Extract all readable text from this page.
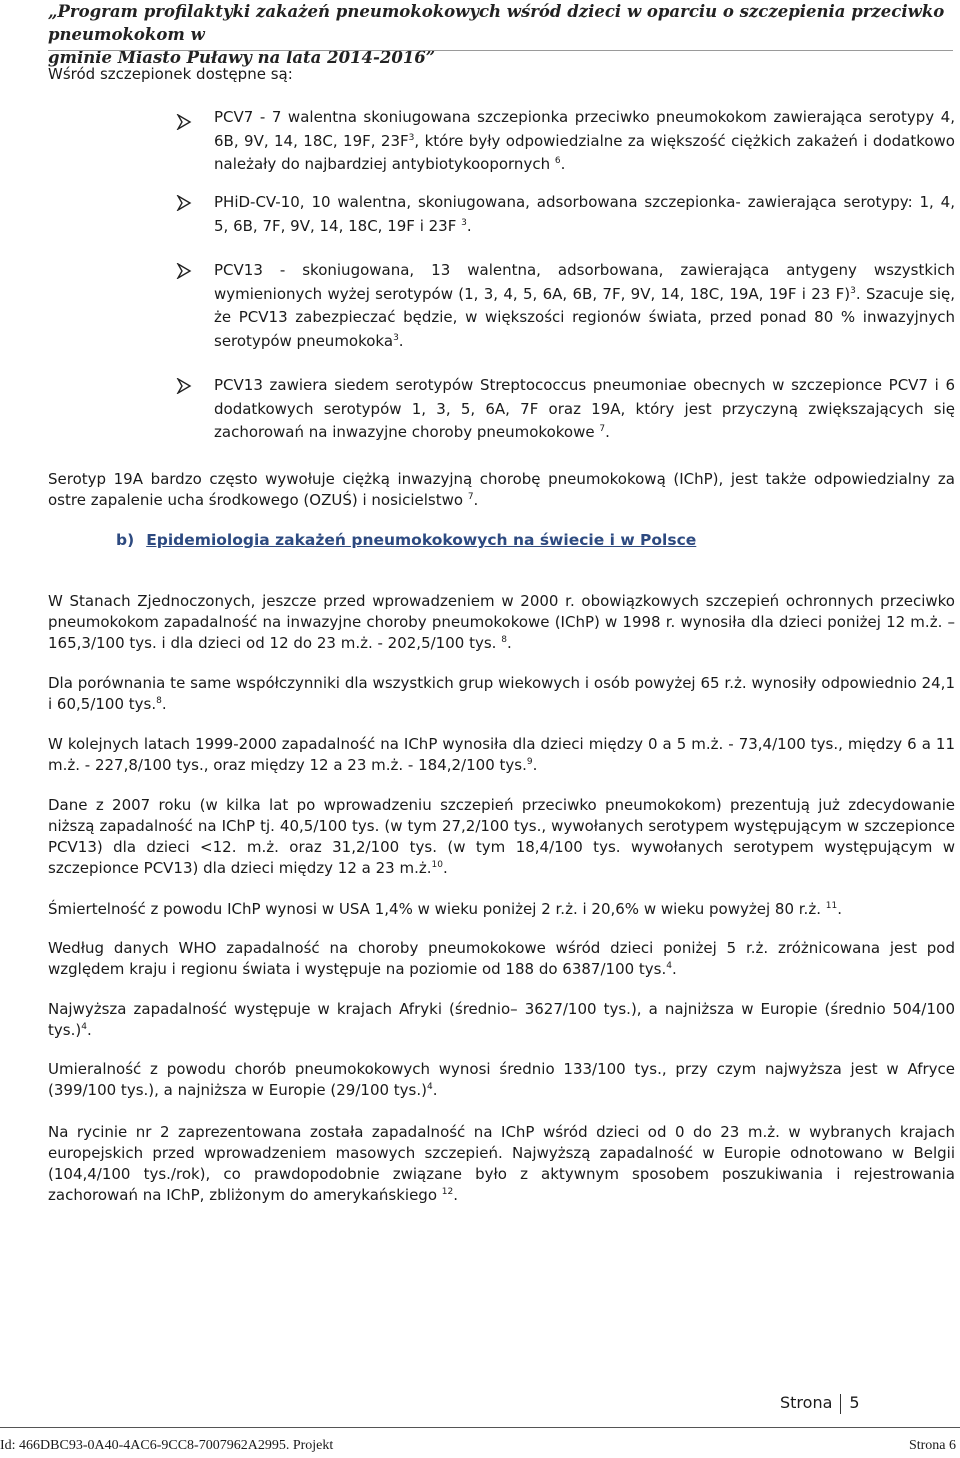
„Program profilaktyki zakażeń pneumokokowych wśród dzieci w oparciu o szczepienia przeciwko pneumokokom w
gminie Miasto Puławy na lata 2014-2016”

Wśród szczepionek dostępne są:

PCV7 - 7 walentna skoniugowana szczepionka przeciwko pneumokokom zawierająca serotypy 4, 6B, 9V, 14, 18C, 19F, $23F^3$, które były odpowiedzialne za większość ciężkich zakażeń i dodatkowo należały do najbardziej antybiotykoopornych $^6$.

PHiD-CV-10, 10 walentna, skoniugowana, adsorbowana szczepionka- zawierająca serotypy: 1, 4, 5, 6B, 7F, 9V, 14, 18C, 19F i 23F $^3$.

PCV13 - skoniugowana, 13 walentna, adsorbowana, zawierająca antygeny wszystkich wymienionych wyżej serotypów (1, 3, 4, 5, 6A, 6B, 7F, 9V, 14, 18C, 19A, 19F i 23 F)$^3$. Szacuje się, że PCV13 zabezpieczać będzie, w większości regionów świata, przed ponad 80 % inwazyjnych serotypów pneumokoka$^3$.

PCV13 zawiera siedem serotypów Streptococcus pneumoniae obecnych w szczepionce PCV7 i 6 dodatkowych serotypów 1, 3, 5, 6A, 7F oraz 19A, który jest przyczyną zwiększających się zachorowań na inwazyjne choroby pneumokokowe $^7$.

Serotyp 19A bardzo często wywołuje ciężką inwazyjną chorobę pneumokokową (IChP), jest także odpowiedzialny za ostre zapalenie ucha środkowego (OZUŚ) i nosicielstwo $^7$.

b) Epidemiologia zakażeń pneumokokowych na świecie i w Polsce

W Stanach Zjednoczonych, jeszcze przed wprowadzeniem w 2000 r. obowiązkowych szczepień ochronnych przeciwko pneumokokom zapadalność na inwazyjne choroby pneumokokowe (IChP) w 1998 r. wynosiła dla dzieci poniżej 12 m.ż. – 165,3/100 tys. i dla dzieci od 12 do 23 m.ż. - 202,5/100 tys. $^8$.

Dla porównania te same współczynniki dla wszystkich grup wiekowych i osób powyżej 65 r.ż. wynosiły odpowiednio 24,1 i 60,5/100 tys.$^8$.

W kolejnych latach 1999-2000 zapadalność na IChP wynosiła dla dzieci między 0 a 5 m.ż. - 73,4/100 tys., między 6 a 11 m.ż. - 227,8/100 tys., oraz między 12 a 23 m.ż. - 184,2/100 tys.$^9$.

Dane z 2007 roku (w kilka lat po wprowadzeniu szczepień przeciwko pneumokokom) prezentują już zdecydowanie niższą zapadalność na IChP tj. 40,5/100 tys. (w tym 27,2/100 tys., wywołanych serotypem występującym w szczepionce PCV13) dla dzieci <12. m.ż. oraz 31,2/100 tys. (w tym 18,4/100 tys. wywołanych serotypem występującym w szczepionce PCV13) dla dzieci między 12 a 23 m.ż.$^{10}$.

Śmiertelność z powodu IChP wynosi w USA 1,4% w wieku poniżej 2 r.ż. i 20,6% w wieku powyżej 80 r.ż. $^{11}$.

Według danych WHO zapadalność na choroby pneumokokowe wśród dzieci poniżej 5 r.ż. zróżnicowana jest pod względem kraju i regionu świata i występuje na poziomie od 188 do 6387/100 tys.$^4$.

Najwyższa zapadalność występuje w krajach Afryki (średnio– 3627/100 tys.), a najniższa w Europie (średnio 504/100 tys.)$^4$.

Umieralność z powodu chorób pneumokokowych wynosi średnio 133/100 tys., przy czym najwyższa jest w Afryce (399/100 tys.), a najniższa w Europie (29/100 tys.)$^4$.

Na rycinie nr 2 zaprezentowana została zapadalność na IChP wśród dzieci od 0 do 23 m.ż. w wybranych krajach europejskich przed wprowadzeniem masowych szczepień. Najwyższą zapadalność w Europie odnotowano w Belgii (104,4/100 tys./rok), co prawdopodobnie związane było z aktywnym sposobem poszukiwania i rejestrowania zachorowań na IChP, zbliżonym do amerykańskiego $^{12}$.

Strona 5
Id: 466DBC93-0A40-4AC6-9CC8-7007962A2995. Projekt	Strona 6
